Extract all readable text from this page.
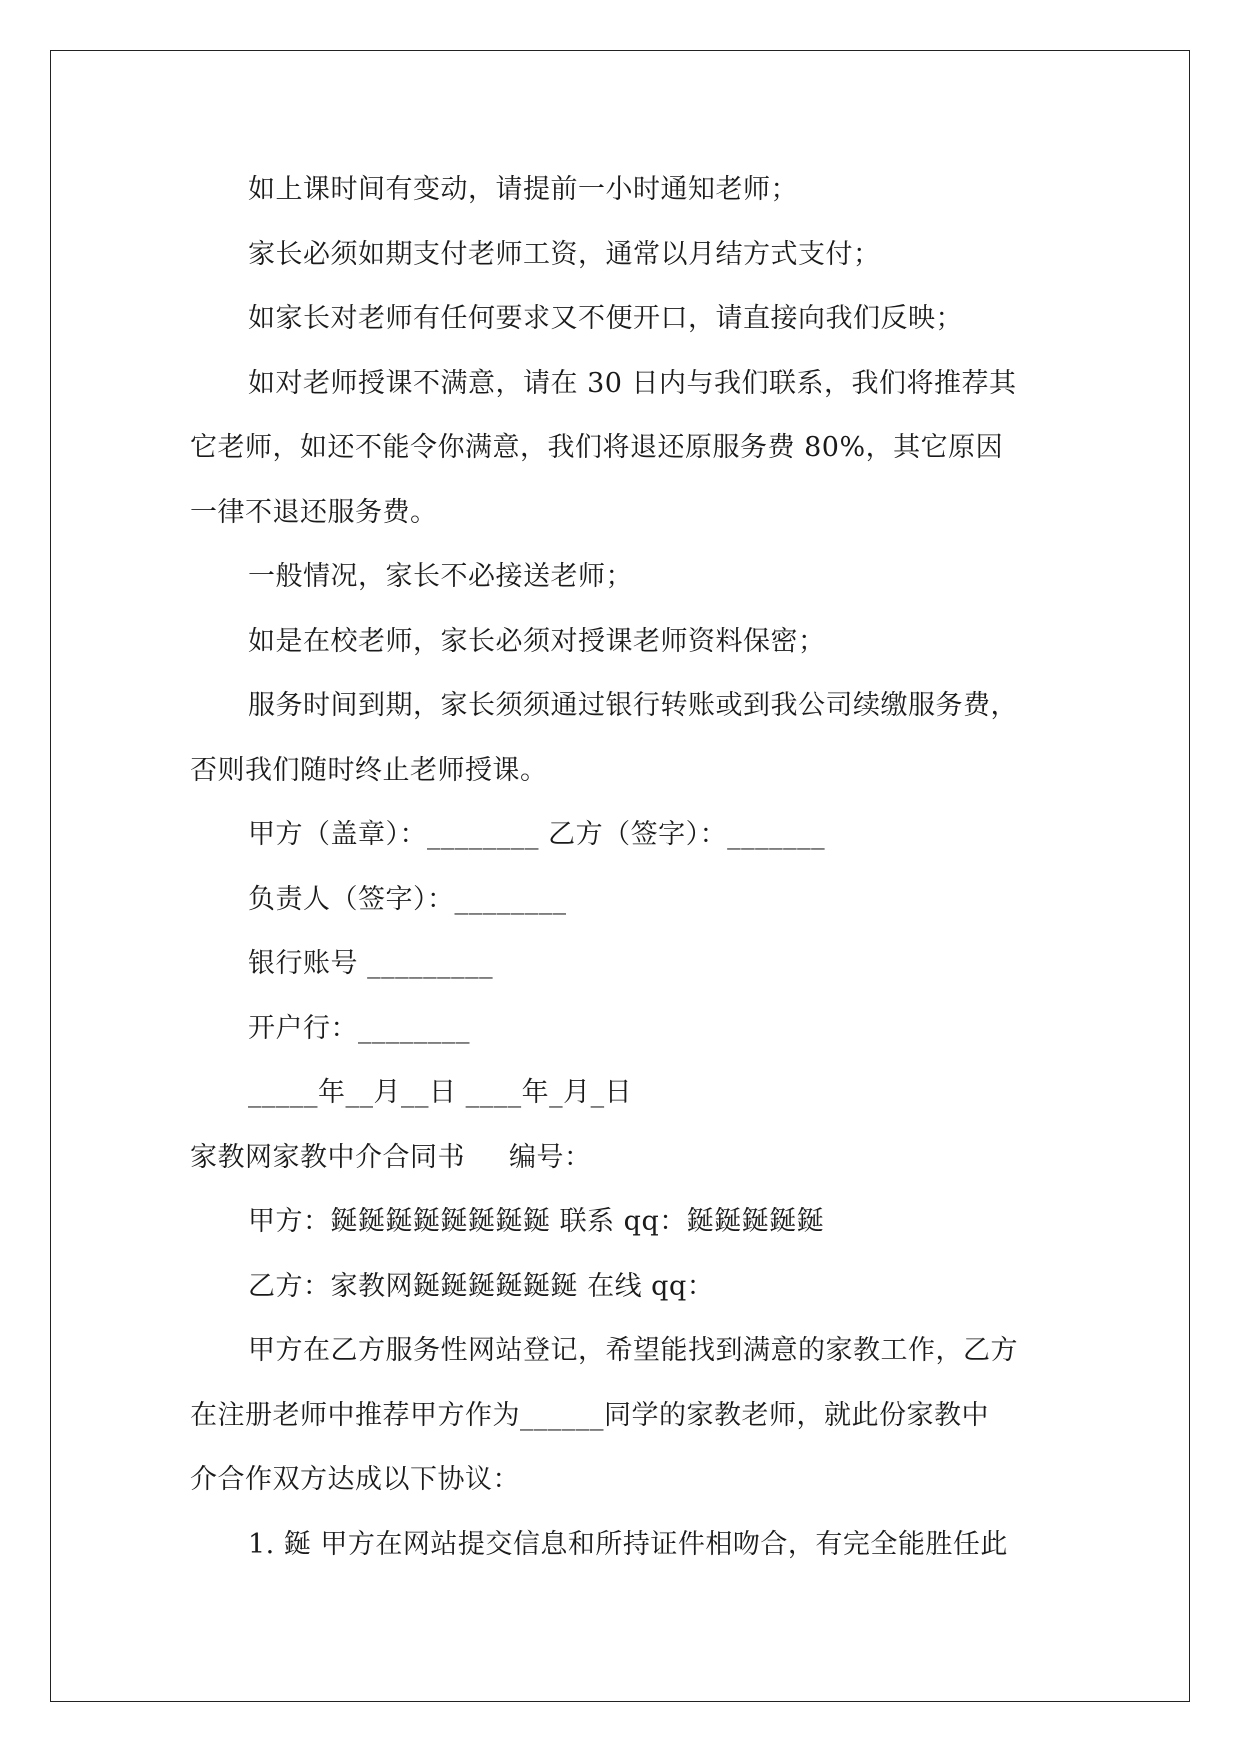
如上课时间有变动，请提前一小时通知老师；
家长必须如期支付老师工资，通常以月结方式支付；
如家长对老师有任何要求又不便开口，请直接向我们反映；
如对老师授课不满意，请在 30 日内与我们联系，我们将推荐其
它老师，如还不能令你满意，我们将退还原服务费 80%，其它原因
一律不退还服务费。
一般情况，家长不必接送老师；
如是在校老师，家长必须对授课老师资料保密；
服务时间到期，家长须须通过银行转账或到我公司续缴服务费，
否则我们随时终止老师授课。
甲方（盖章）：________ 乙方（签字）：_______
负责人（签字）：________
银行账号 _________
开户行：________
_____年__月__日 ____年_月_日
家教网家教中介合同书 编号：
甲方：鋋鋋鋋鋋鋋鋋鋋鋋 联系 qq：鋋鋋鋋鋋鋋
乙方：家教网鋋鋋鋋鋋鋋鋋 在线 qq：
甲方在乙方服务性网站登记，希望能找到满意的家教工作，乙方
在注册老师中推荐甲方作为______同学的家教老师，就此份家教中
介合作双方达成以下协议：
1. 鋋 甲方在网站提交信息和所持证件相吻合，有完全能胜任此
